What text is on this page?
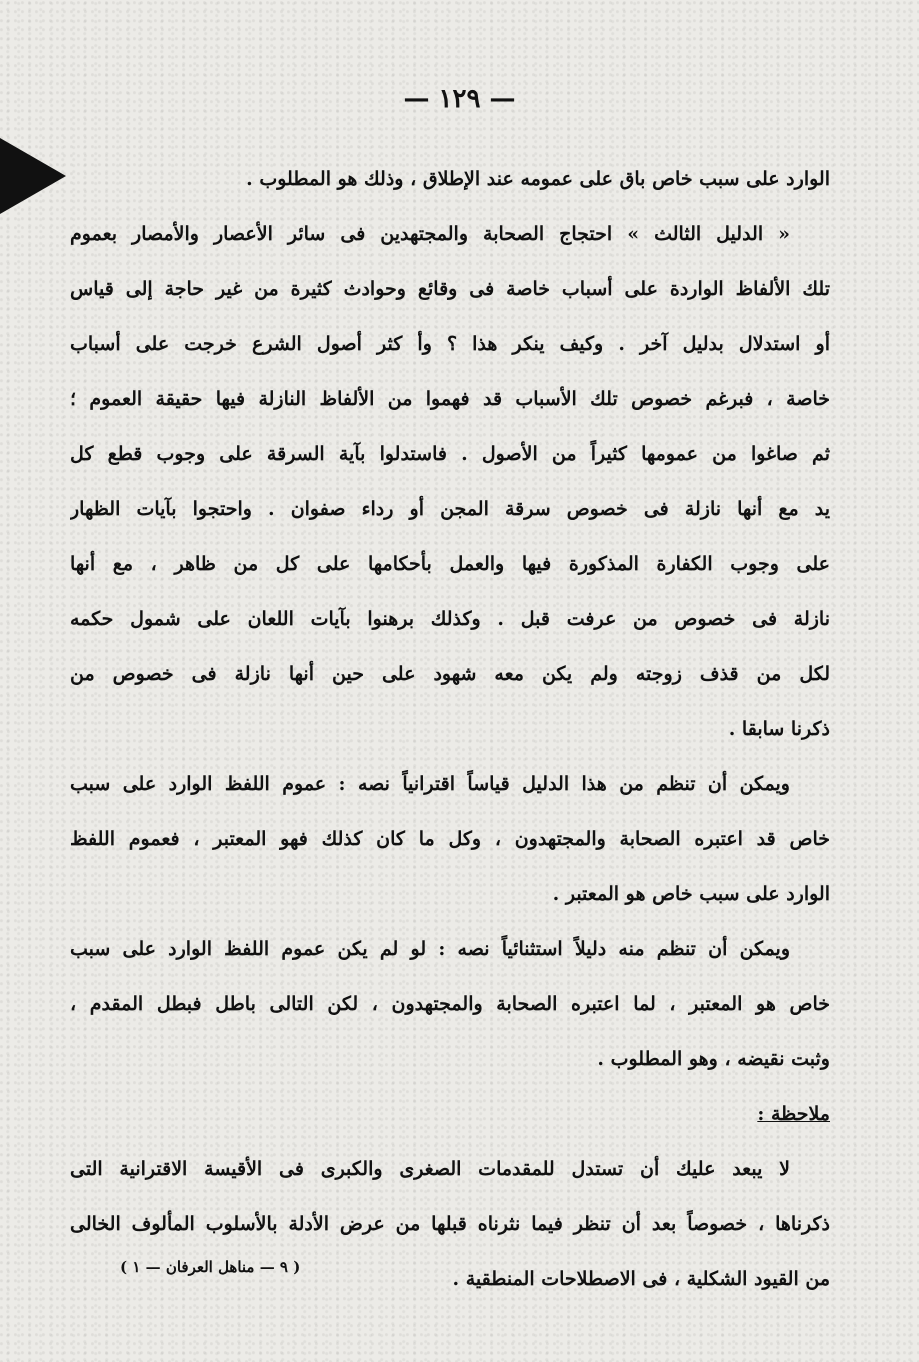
— ١٢٩ —
الوارد على سبب خاص باق على عمومه عند الإطلاق ، وذلك هو المطلوب .
« الدليل الثالث » احتجاج الصحابة والمجتهدين فى سائر الأعصار والأمصار بعموم
تلك الألفاظ الواردة على أسباب خاصة فى وقائع وحوادث كثيرة من غير حاجة إلى قياس
أو استدلال بدليل آخر . وكيف ينكر هذا ؟ وأ كثر أصول الشرع خرجت على أسباب
خاصة ، فبرغم خصوص تلك الأسباب قد فهموا من الألفاظ النازلة فيها حقيقة العموم ؛
ثم صاغوا من عمومها كثيراً من الأصول . فاستدلوا بآية السرقة على وجوب قطع كل
يد مع أنها نازلة فى خصوص سرقة المجن أو رداء صفوان . واحتجوا بآيات الظهار
على وجوب الكفارة المذكورة فيها والعمل بأحكامها على كل من ظاهر ، مع أنها
نازلة فى خصوص من عرفت قبل . وكذلك برهنوا بآيات اللعان على شمول حكمه
لكل من قذف زوجته ولم يكن معه شهود على حين أنها نازلة فى خصوص من
ذكرنا سابقا .
ويمكن أن تنظم من هذا الدليل قياساً اقترانياً نصه : عموم اللفظ الوارد على سبب
خاص قد اعتبره الصحابة والمجتهدون ، وكل ما كان كذلك فهو المعتبر ، فعموم اللفظ
الوارد على سبب خاص هو المعتبر .
ويمكن أن تنظم منه دليلاً استثنائياً نصه : لو لم يكن عموم اللفظ الوارد على سبب
خاص هو المعتبر ، لما اعتبره الصحابة والمجتهدون ، لكن التالى باطل فبطل المقدم ،
وثبت نقيضه ، وهو المطلوب .
ملاحظة :
لا يبعد عليك أن تستدل للمقدمات الصغرى والكبرى فى الأقيسة الاقترانية التى
ذكرناها ، خصوصاً بعد أن تنظر فيما نثرناه قبلها من عرض الأدلة بالأسلوب المألوف الخالى
من القيود الشكلية ، فى الاصطلاحات المنطقية .
( ٩ — مناهل العرفان — ١ )
